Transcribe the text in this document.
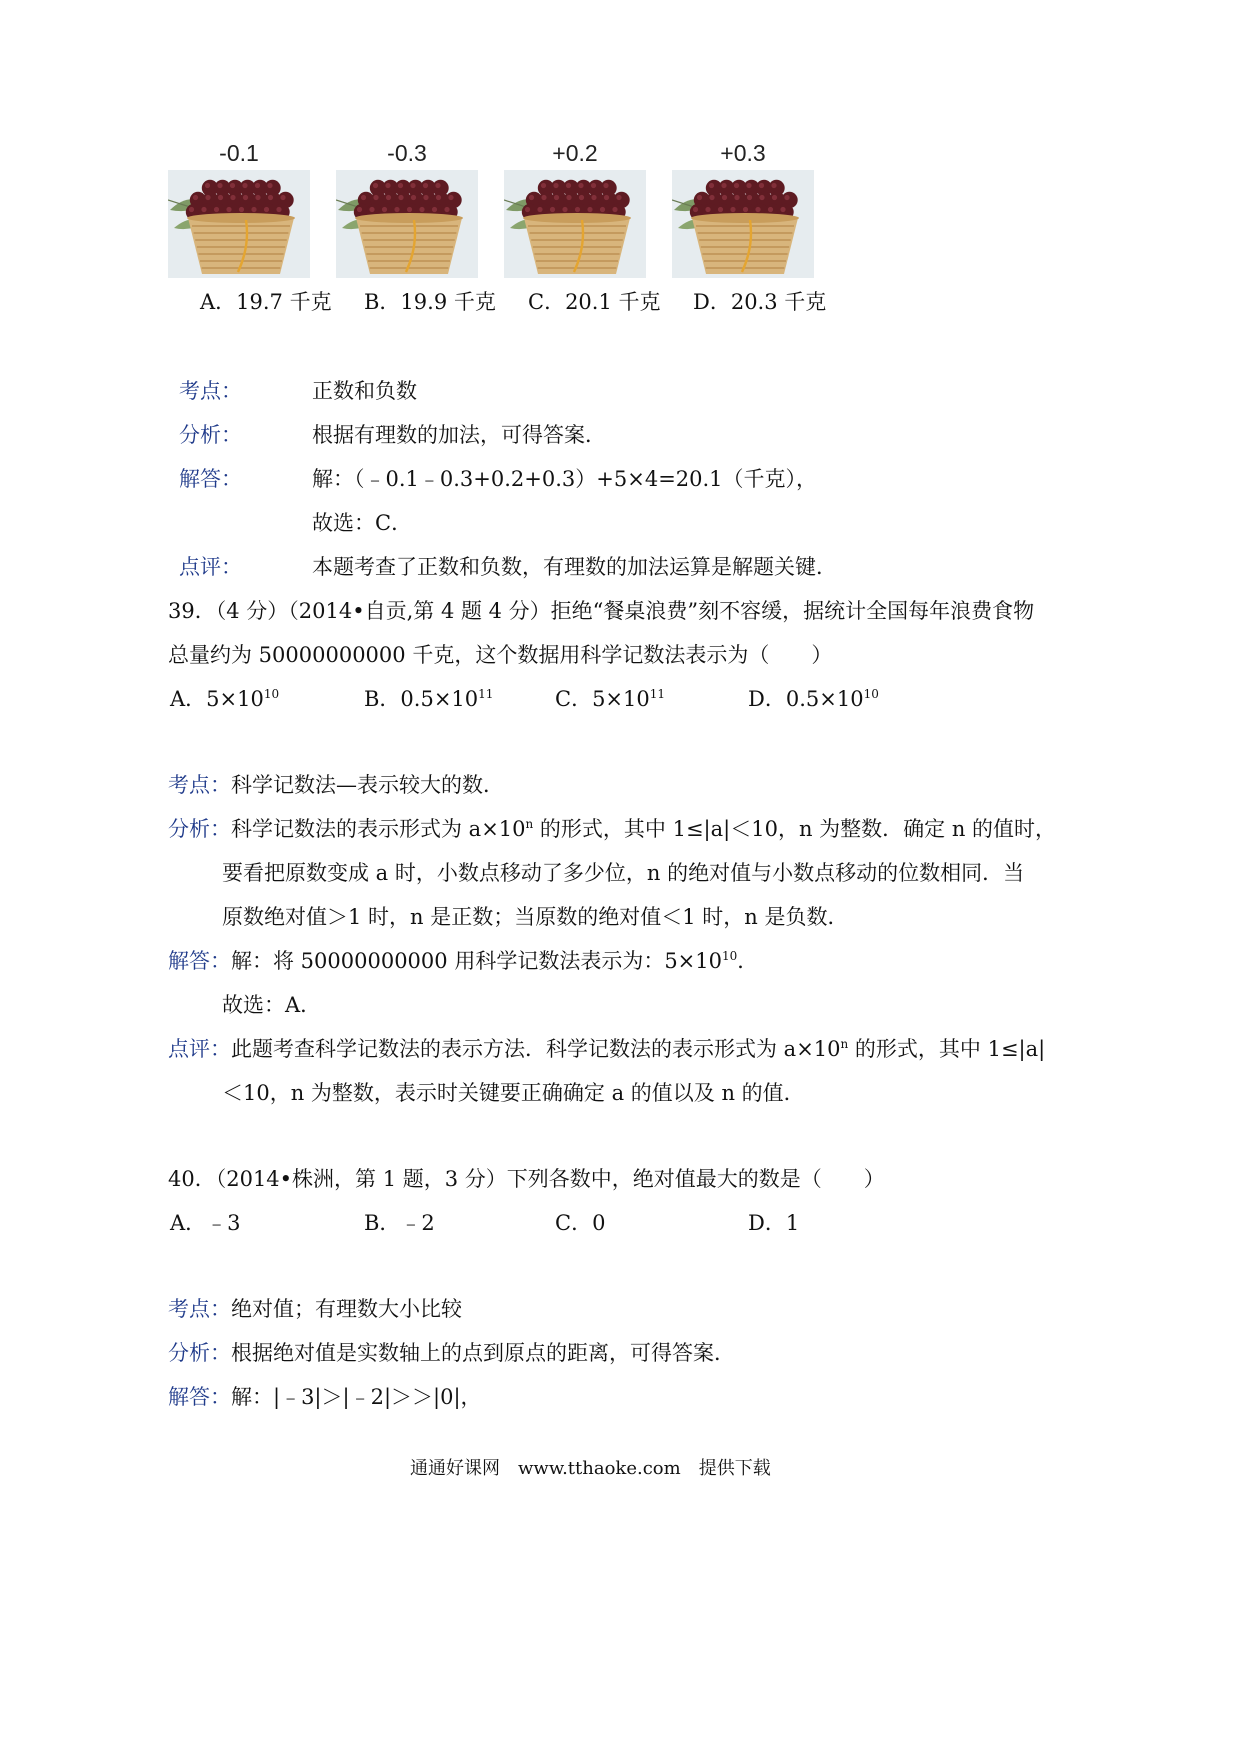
-0.1	-0.3	+0.2	+0.3
A．19.7 千克 B．19.9 千克 C．20.1 千克 D．20.3 千克
考点：	正数和负数
分析：	根据有理数的加法，可得答案．
解答：	解：（﹣0.1﹣0.3+0.2+0.3）+5×4=20.1（千克），
故选：C．
点评：	本题考查了正数和负数，有理数的加法运算是解题关键．
39．（4 分）（2014•自贡,第 4 题 4 分）拒绝“餐桌浪费”刻不容缓，据统计全国每年浪费食物
总量约为 50000000000 千克，这个数据用科学记数法表示为（　　）
A．$5\times 10^{10}$	B．$0.5\times 10^{11}$	C．$5\times 10^{11}$	D．$0.5\times 10^{10}$
考点：科学记数法—表示较大的数．
分析：科学记数法的表示形式为 $a\times 10^n$ 的形式，其中 1≤|a|＜10，n 为整数．确定 n 的值时，
要看把原数变成 a 时，小数点移动了多少位，n 的绝对值与小数点移动的位数相同．当
原数绝对值＞1 时，n 是正数；当原数的绝对值＜1 时，n 是负数．
解答：解：将 50000000000 用科学记数法表示为：$5\times 10^{10}$．
故选：A．
点评：此题考查科学记数法的表示方法．科学记数法的表示形式为 $a\times 10^n$ 的形式，其中 1≤|a|
＜10，n 为整数，表示时关键要正确确定 a 的值以及 n 的值．
40．（2014•株洲，第 1 题，3 分）下列各数中，绝对值最大的数是（　　）
A．﹣3	B．﹣2	C．0	D．1
考点：绝对值；有理数大小比较
分析：根据绝对值是实数轴上的点到原点的距离，可得答案．
解答：解：|﹣3|＞|﹣2|＞＞|0|，
通通好课网　www.tthaoke.com　提供下载
